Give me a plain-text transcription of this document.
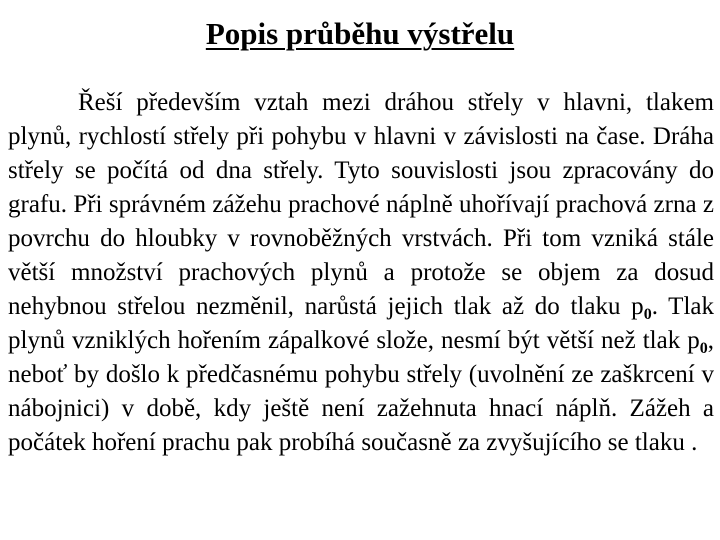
Popis průběhu výstřelu

Řeší především vztah mezi dráhou střely v hlavni, tlakem plynů, rychlostí střely při pohybu v hlavni v závislosti na čase. Dráha střely se počítá od dna střely. Tyto souvislosti jsou zpracovány do grafu. Při správném zážehu prachové náplně uhořívají prachová zrna z povrchu do hloubky v rovnoběžných vrstvách. Při tom vzniká stále větší množství prachových plynů a protože se objem za dosud nehybnou střelou nezměnil, narůstá jejich tlak až do tlaku $p_0$. Tlak plynů vzniklých hořením zápalkové slože, nesmí být větší než tlak $p_0$, neboť by došlo k předčasnému pohybu střely (uvolnění ze zaškrcení v nábojnici) v době, kdy ještě není zažehnuta hnací náplň. Zážeh a počátek hoření prachu pak probíhá současně za zvyšujícího se tlaku .
